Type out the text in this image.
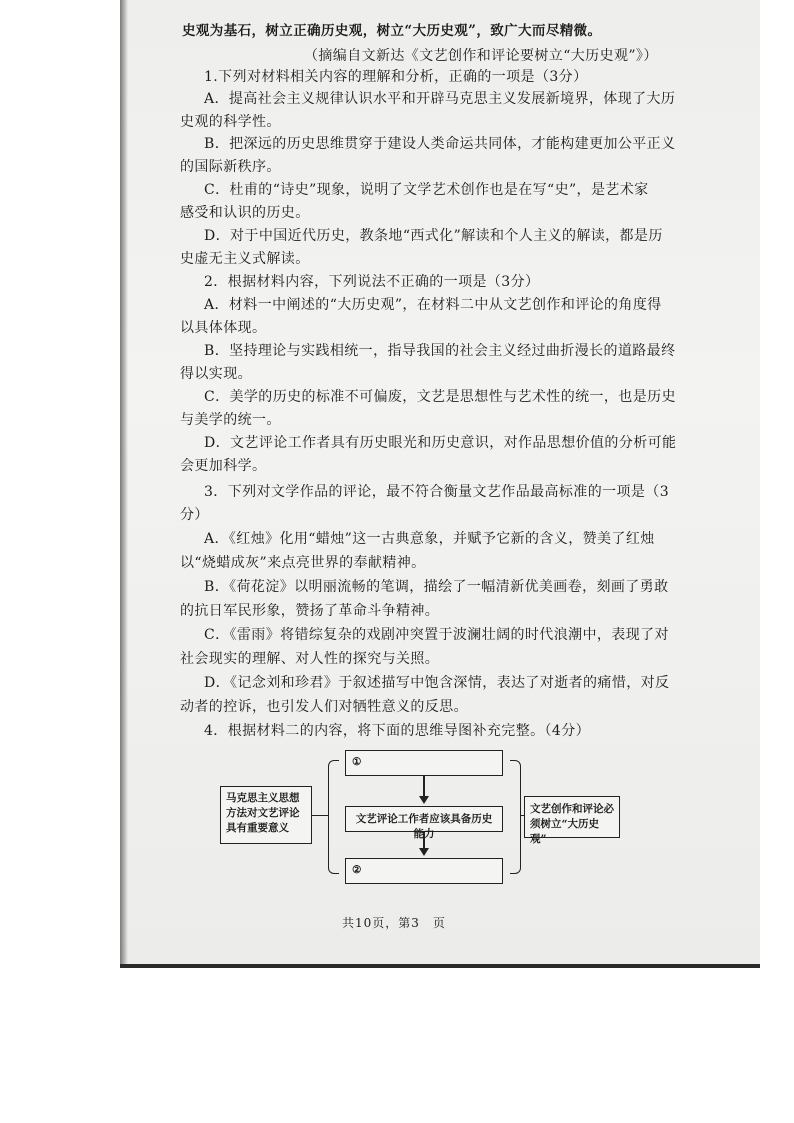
史观为基石，树立正确历史观，树立“大历史观”，致广大而尽精微。
（摘编自文新达《文艺创作和评论要树立“大历史观”》）
1.下列对材料相关内容的理解和分析，正确的一项是（3分）
A．提高社会主义规律认识水平和开辟马克思主义发展新境界，体现了大历
史观的科学性。
B．把深远的历史思维贯穿于建设人类命运共同体，才能构建更加公平正义
的国际新秩序。
C．杜甫的“诗史”现象，说明了文学艺术创作也是在写“史”，是艺术家
感受和认识的历史。
D．对于中国近代历史，教条地“西式化”解读和个人主义的解读，都是历
史虚无主义式解读。
2．根据材料内容，下列说法不正确的一项是（3分）
A．材料一中阐述的“大历史观”，在材料二中从文艺创作和评论的角度得
以具体体现。
B．坚持理论与实践相统一，指导我国的社会主义经过曲折漫长的道路最终
得以实现。
C．美学的历史的标准不可偏废，文艺是思想性与艺术性的统一，也是历史
与美学的统一。
D．文艺评论工作者具有历史眼光和历史意识，对作品思想价值的分析可能
会更加科学。
3．下列对文学作品的评论，最不符合衡量文艺作品最高标准的一项是（3
分）
A．《红烛》化用“蜡烛”这一古典意象，并赋予它新的含义，赞美了红烛
以“烧蜡成灰”来点亮世界的奉献精神。
B．《荷花淀》以明丽流畅的笔调，描绘了一幅清新优美画卷，刻画了勇敢
的抗日军民形象，赞扬了革命斗争精神。
C．《雷雨》将错综复杂的戏剧冲突置于波澜壮阔的时代浪潮中，表现了对
社会现实的理解、对人性的探究与关照。
D．《记念刘和珍君》于叙述描写中饱含深情，表达了对逝者的痛惜，对反
动者的控诉，也引发人们对牺牲意义的反思。
4．根据材料二的内容，将下面的思维导图补充完整。（4分）
马克思主义思想方法对文艺评论具有重要意义
①
文艺评论工作者应该具备历史能力
②
文艺创作和评论必须树立“大历史观”
共10页，第3　页
